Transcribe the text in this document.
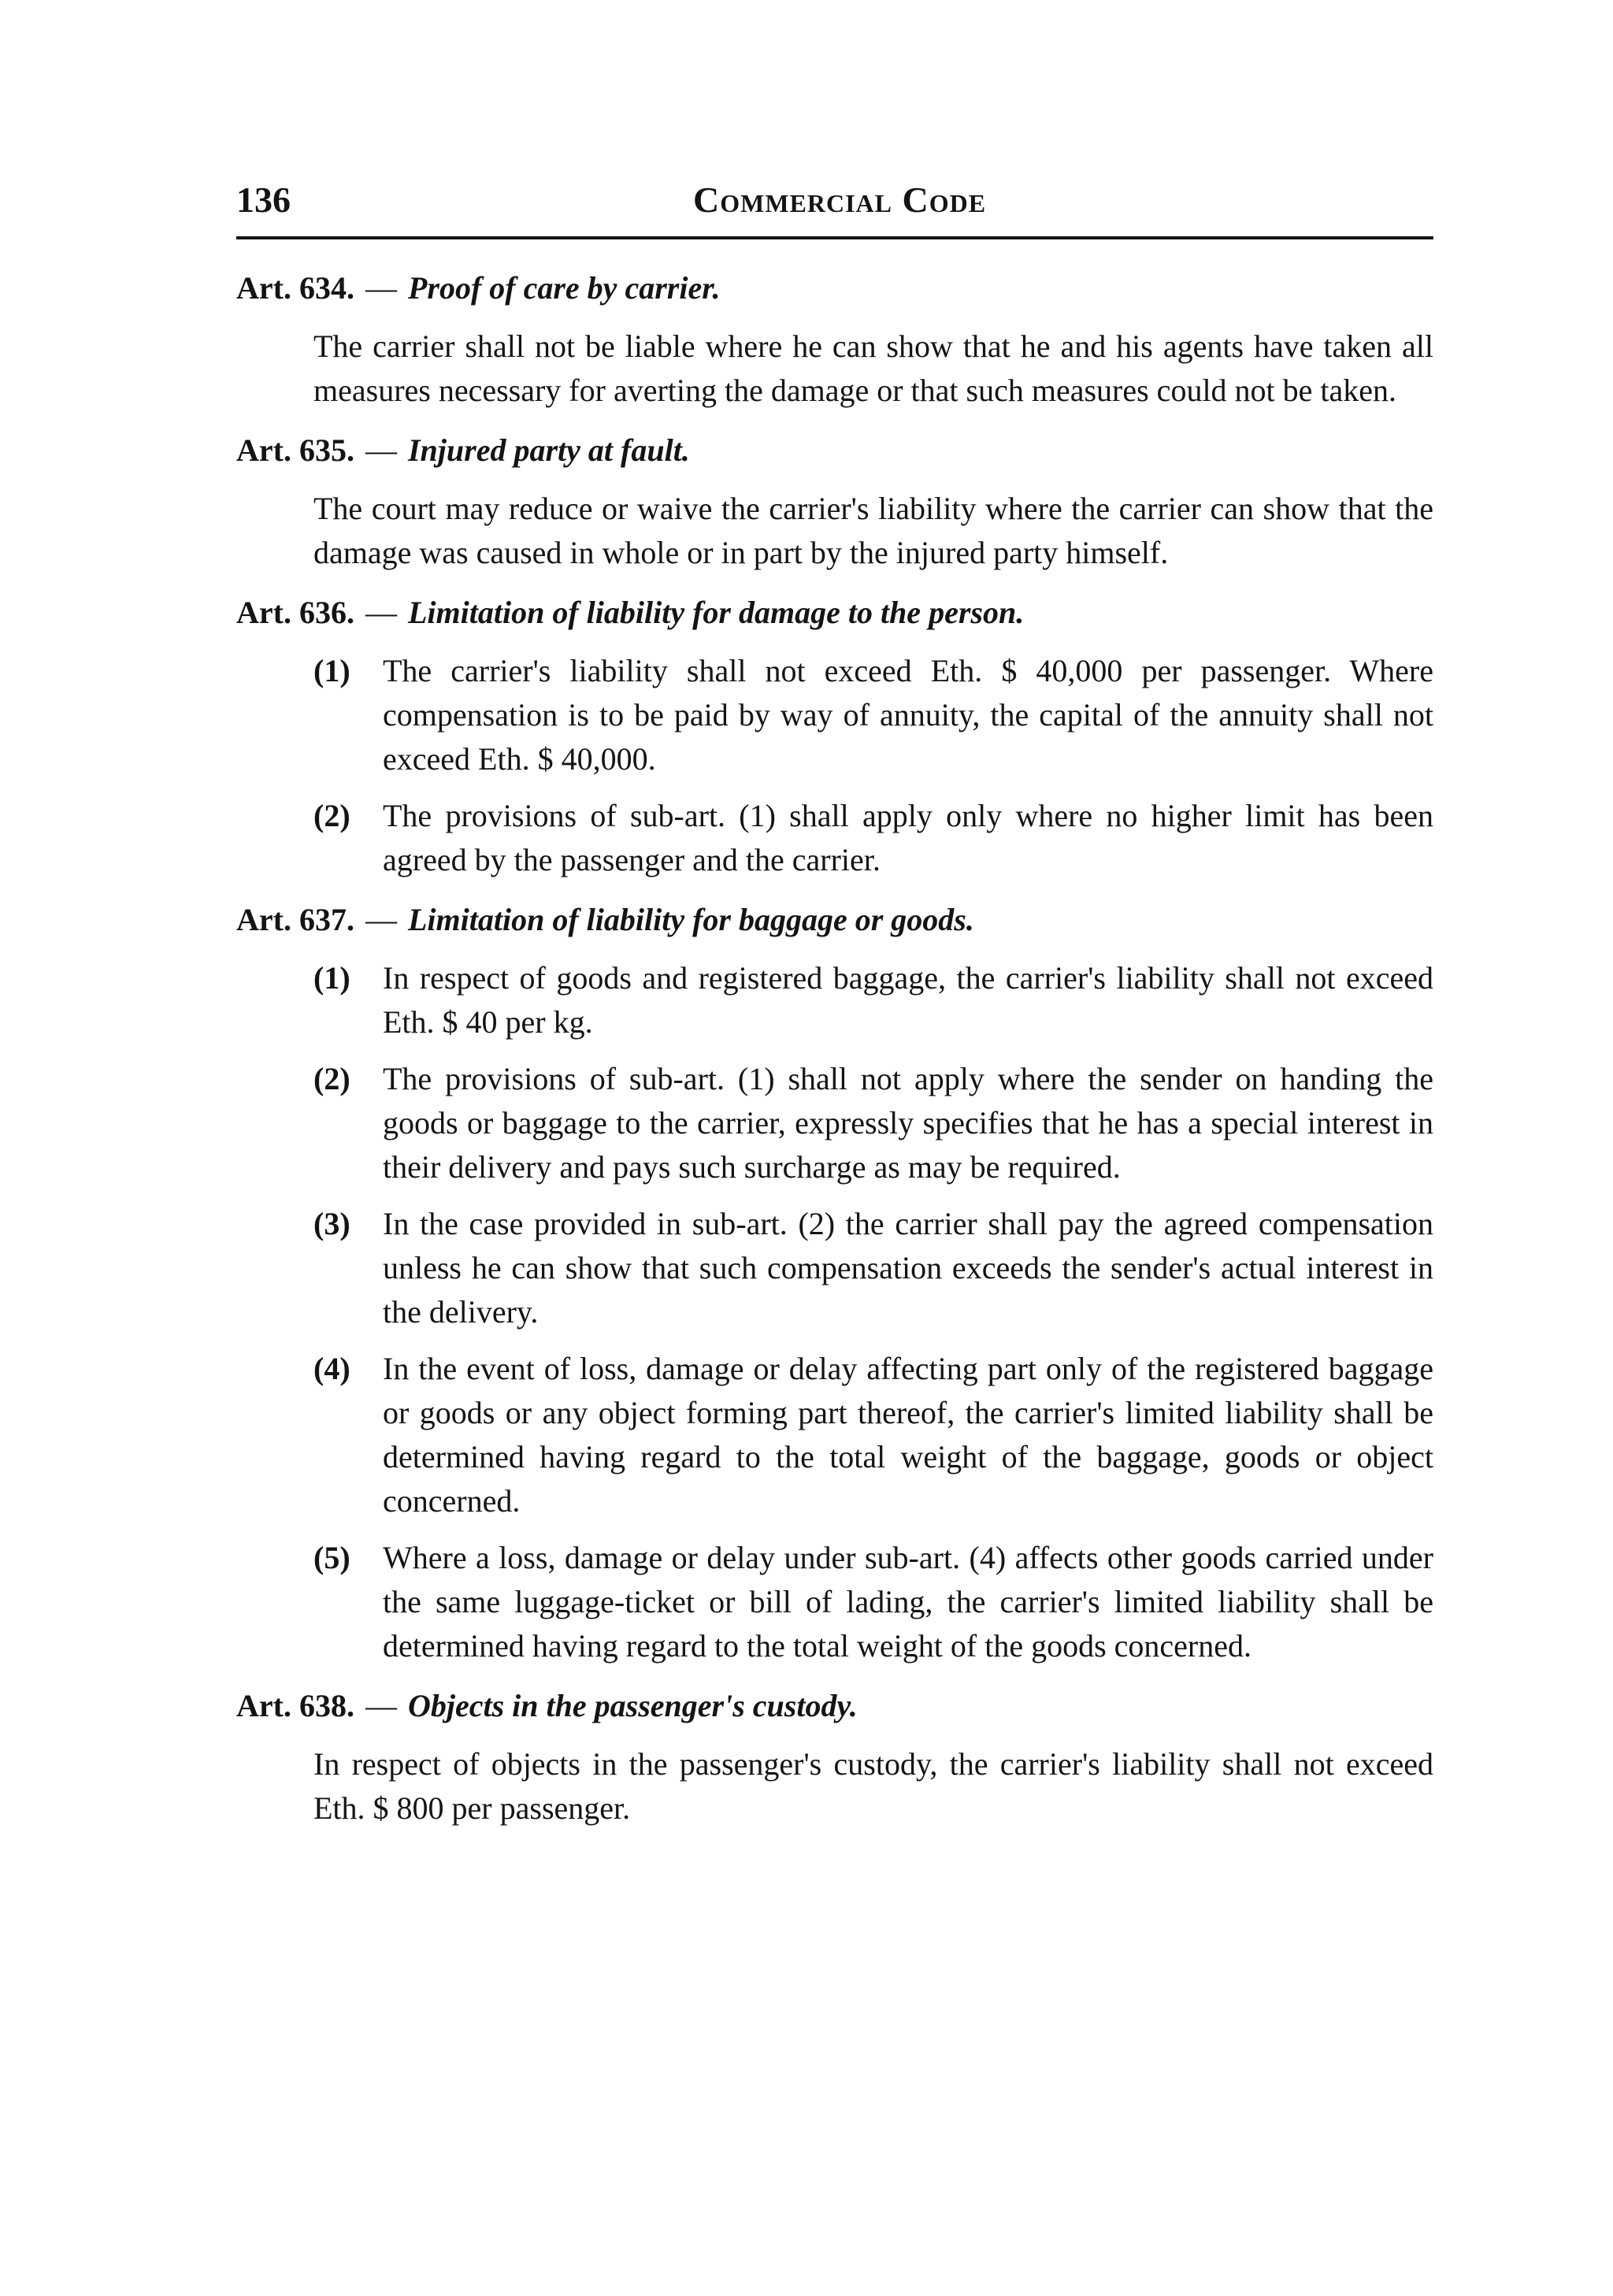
136	Commercial Code
Art. 634. — Proof of care by carrier.

The carrier shall not be liable where he can show that he and his agents have taken all measures necessary for averting the damage or that such measures could not be taken.

Art. 635. — Injured party at fault.

The court may reduce or waive the carrier's liability where the carrier can show that the damage was caused in whole or in part by the injured party himself.

Art. 636. — Limitation of liability for damage to the person.
(1)	The carrier's liability shall not exceed Eth. $ 40,000 per passenger. Where compensation is to be paid by way of annuity, the capital of the annuity shall not exceed Eth. $ 40,000.
(2)	The provisions of sub-art. (1) shall apply only where no higher limit has been agreed by the passenger and the carrier.
Art. 637. — Limitation of liability for baggage or goods.
(1)	In respect of goods and registered baggage, the carrier's liability shall not exceed Eth. $ 40 per kg.
(2)	The provisions of sub-art. (1) shall not apply where the sender on handing the goods or baggage to the carrier, expressly specifies that he has a special interest in their delivery and pays such surcharge as may be required.
(3)	In the case provided in sub-art. (2) the carrier shall pay the agreed compensation unless he can show that such compensation exceeds the sender's actual interest in the delivery.
(4)	In the event of loss, damage or delay affecting part only of the registered baggage or goods or any object forming part thereof, the carrier's limited liability shall be determined having regard to the total weight of the baggage, goods or object concerned.
(5)	Where a loss, damage or delay under sub-art. (4) affects other goods carried under the same luggage-ticket or bill of lading, the carrier's limited liability shall be determined having regard to the total weight of the goods concerned.
Art. 638. — Objects in the passenger's custody.

In respect of objects in the passenger's custody, the carrier's liability shall not exceed Eth. $ 800 per passenger.
